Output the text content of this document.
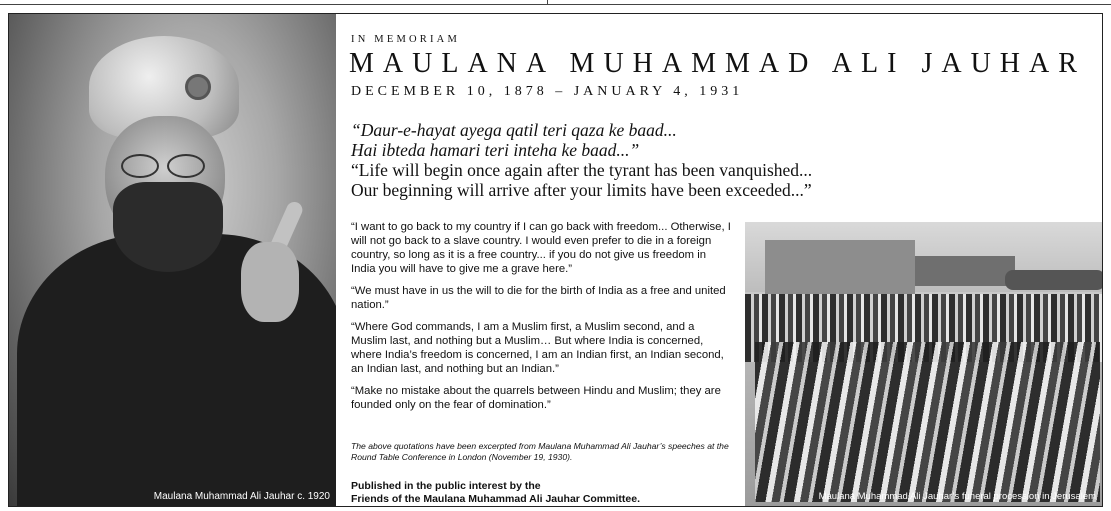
Maulana Muhammad Ali Jauhar c. 1920
IN MEMORIAM
MAULANA MUHAMMAD ALI JAUHAR
DECEMBER 10, 1878 – JANUARY 4, 1931
“Daur-e-hayat ayega qatil teri qaza ke baad...
Hai ibteda hamari teri inteha ke baad...”
“Life will begin once again after the tyrant has been vanquished...
Our beginning will arrive after your limits have been exceeded...”

“I want to go back to my country if I can go back with freedom... Otherwise, I will not go back to a slave country. I would even prefer to die in a foreign country, so long as it is a free country... if you do not give us freedom in India you will have to give me a grave here.”

“We must have in us the will to die for the birth of India as a free and united nation.”

“Where God commands, I am a Muslim first, a Muslim second, and a Muslim last, and nothing but a Muslim… But where India is concerned, where India’s freedom is concerned, I am an Indian first, an Indian second, an Indian last, and nothing but an Indian.”

“Make no mistake about the quarrels between Hindu and Muslim; they are founded only on the fear of domination.”

The above quotations have been excerpted from Maulana Muhammad Ali Jauhar’s speeches at the Round Table Conference in London (November 19, 1930).
Published in the public interest by the
Friends of the Maulana Muhammad Ali Jauhar Committee.	Maulana Muhammad Ali Jauhar’s funeral procession in Jerusalem
